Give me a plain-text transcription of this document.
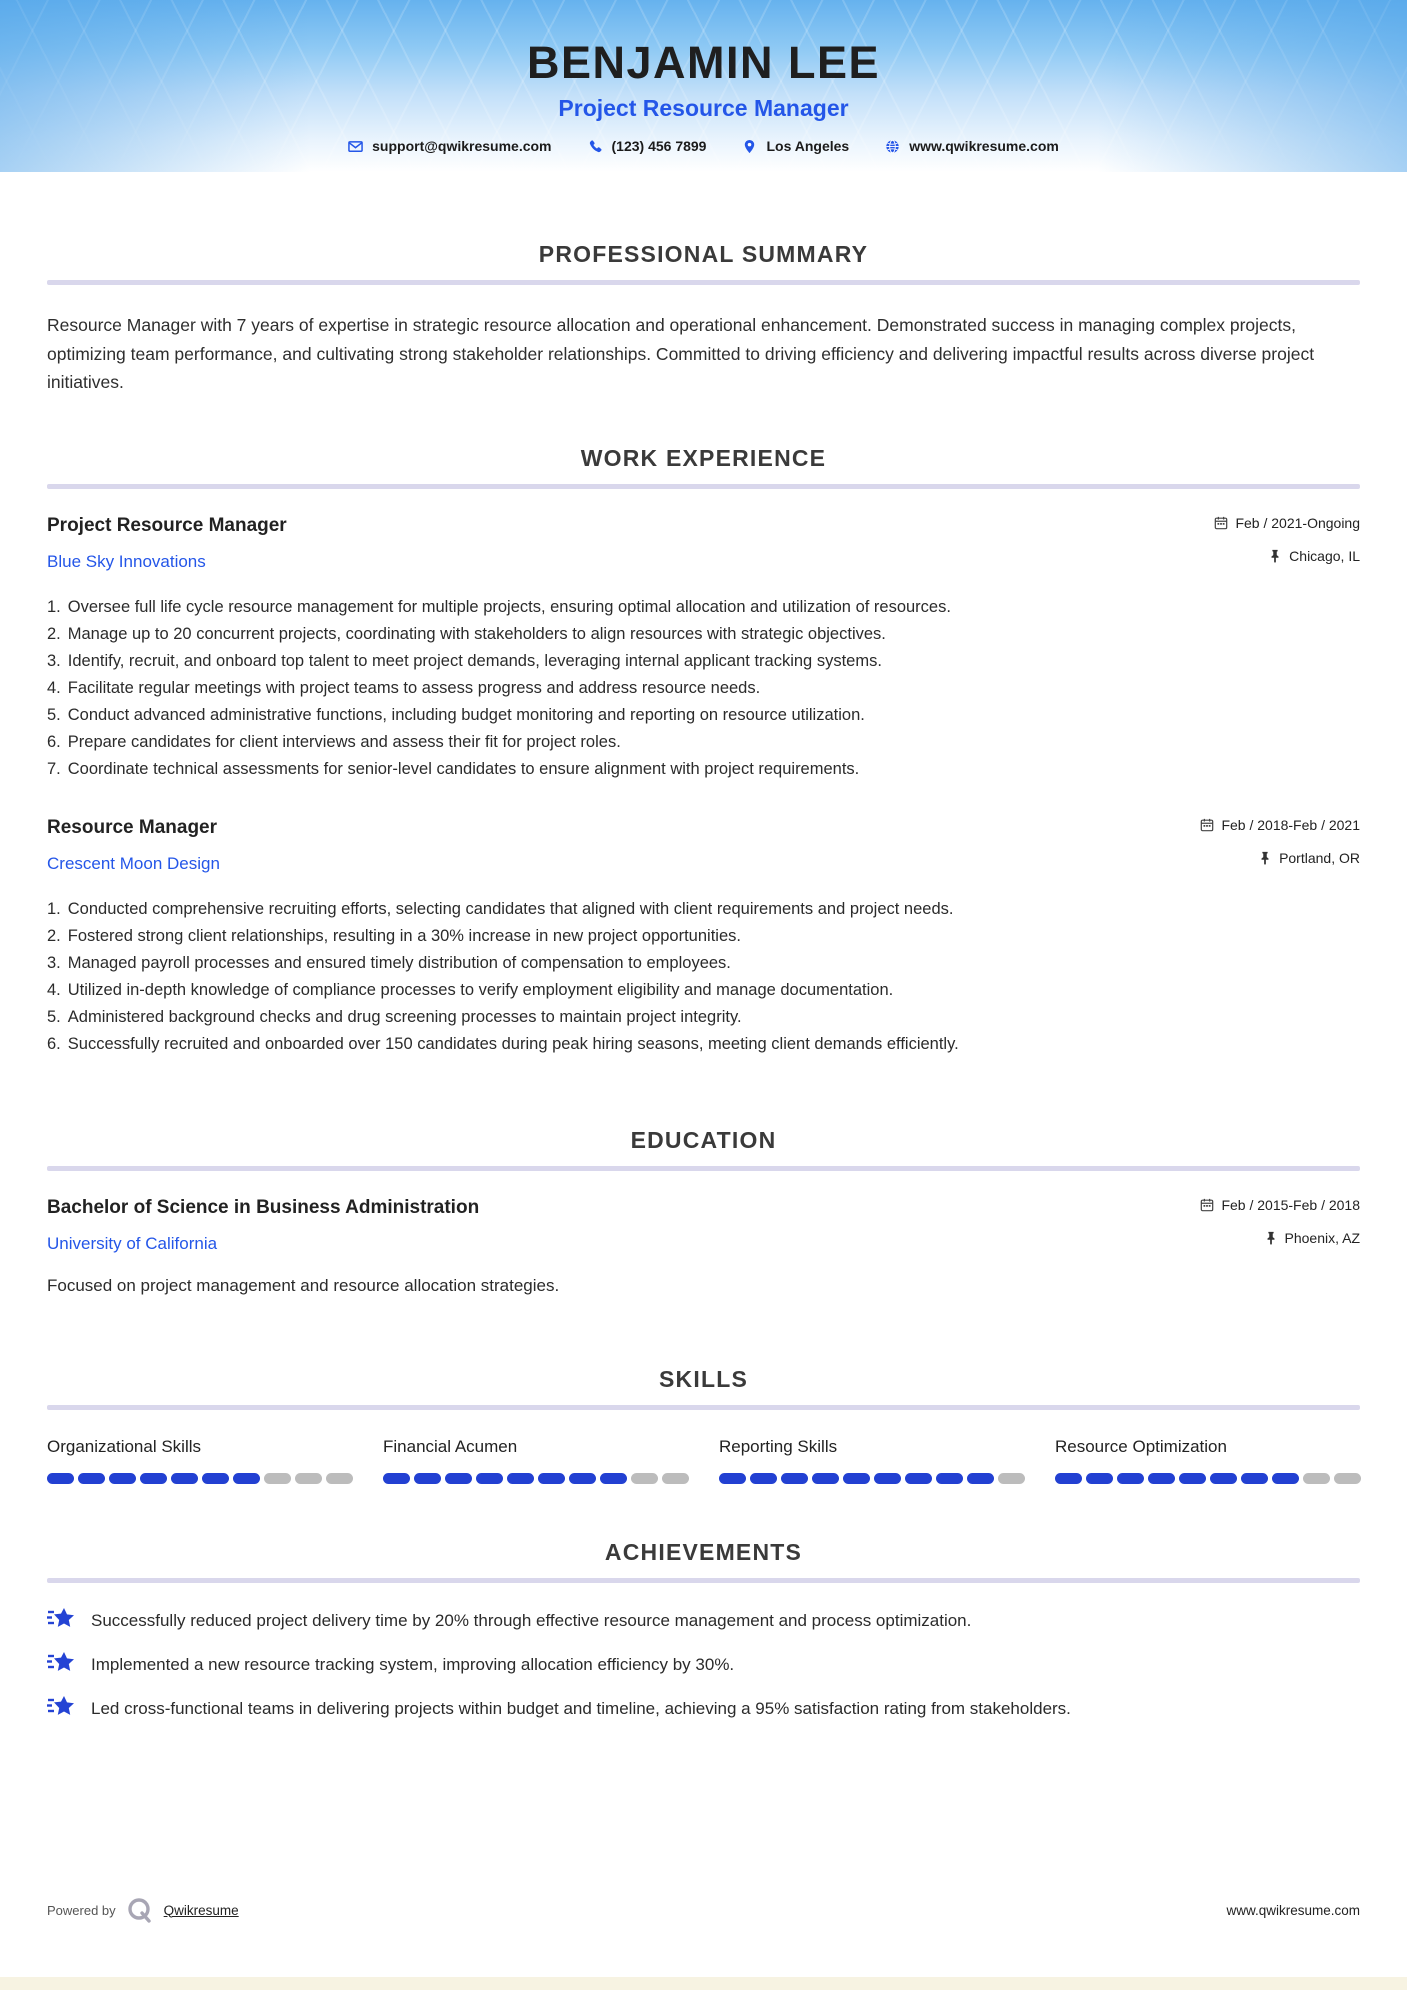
BENJAMIN LEE
Project Resource Manager
support@qwikresume.com	(123) 456 7899	Los Angeles	www.qwikresume.com
PROFESSIONAL SUMMARY

Resource Manager with 7 years of expertise in strategic resource allocation and operational enhancement. Demonstrated success in managing complex projects, optimizing team performance, and cultivating strong stakeholder relationships. Committed to driving efficiency and delivering impactful results across diverse project initiatives.

WORK EXPERIENCE
Project Resource Manager
Blue Sky Innovations
Feb / 2021-Ongoing
Chicago, IL
1. Oversee full life cycle resource management for multiple projects, ensuring optimal allocation and utilization of resources.
2. Manage up to 20 concurrent projects, coordinating with stakeholders to align resources with strategic objectives.
3. Identify, recruit, and onboard top talent to meet project demands, leveraging internal applicant tracking systems.
4. Facilitate regular meetings with project teams to assess progress and address resource needs.
5. Conduct advanced administrative functions, including budget monitoring and reporting on resource utilization.
6. Prepare candidates for client interviews and assess their fit for project roles.
7. Coordinate technical assessments for senior-level candidates to ensure alignment with project requirements.
Resource Manager
Crescent Moon Design
Feb / 2018-Feb / 2021
Portland, OR
1. Conducted comprehensive recruiting efforts, selecting candidates that aligned with client requirements and project needs.
2. Fostered strong client relationships, resulting in a 30% increase in new project opportunities.
3. Managed payroll processes and ensured timely distribution of compensation to employees.
4. Utilized in-depth knowledge of compliance processes to verify employment eligibility and manage documentation.
5. Administered background checks and drug screening processes to maintain project integrity.
6. Successfully recruited and onboarded over 150 candidates during peak hiring seasons, meeting client demands efficiently.
EDUCATION
Bachelor of Science in Business Administration
University of California
Feb / 2015-Feb / 2018
Phoenix, AZ

Focused on project management and resource allocation strategies.

SKILLS
Organizational Skills	Financial Acumen	Reporting Skills	Resource Optimization
ACHIEVEMENTS
Successfully reduced project delivery time by 20% through effective resource management and process optimization.
Implemented a new resource tracking system, improving allocation efficiency by 30%.
Led cross-functional teams in delivering projects within budget and timeline, achieving a 95% satisfaction rating from stakeholders.
Powered by	Qwikresume	www.qwikresume.com
